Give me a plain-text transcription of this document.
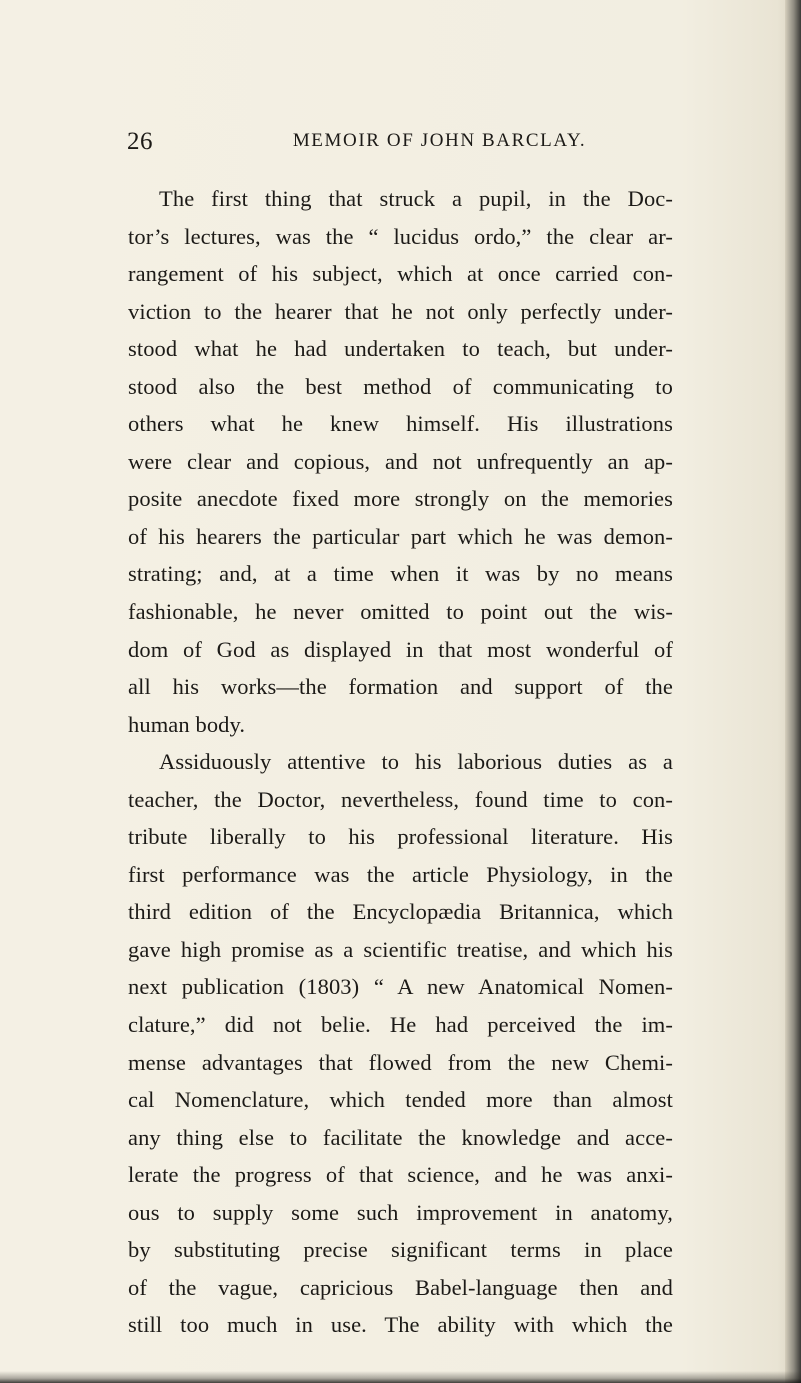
26	MEMOIR OF JOHN BARCLAY.
The first thing that struck a pupil, in the Doc-
tor’s lectures, was the “ lucidus ordo,” the clear ar-
rangement of his subject, which at once carried con-
viction to the hearer that he not only perfectly under-
stood what he had undertaken to teach, but under-
stood also the best method of communicating to
others what he knew himself. His illustrations
were clear and copious, and not unfrequently an ap-
posite anecdote fixed more strongly on the memories
of his hearers the particular part which he was demon-
strating; and, at a time when it was by no means
fashionable, he never omitted to point out the wis-
dom of God as displayed in that most wonderful of
all his works—the formation and support of the
human body.
Assiduously attentive to his laborious duties as a
teacher, the Doctor, nevertheless, found time to con-
tribute liberally to his professional literature. His
first performance was the article Physiology, in the
third edition of the Encyclopædia Britannica, which
gave high promise as a scientific treatise, and which his
next publication (1803) “ A new Anatomical Nomen-
clature,” did not belie. He had perceived the im-
mense advantages that flowed from the new Chemi-
cal Nomenclature, which tended more than almost
any thing else to facilitate the knowledge and acce-
lerate the progress of that science, and he was anxi-
ous to supply some such improvement in anatomy,
by substituting precise significant terms in place
of the vague, capricious Babel-language then and
still too much in use. The ability with which the
